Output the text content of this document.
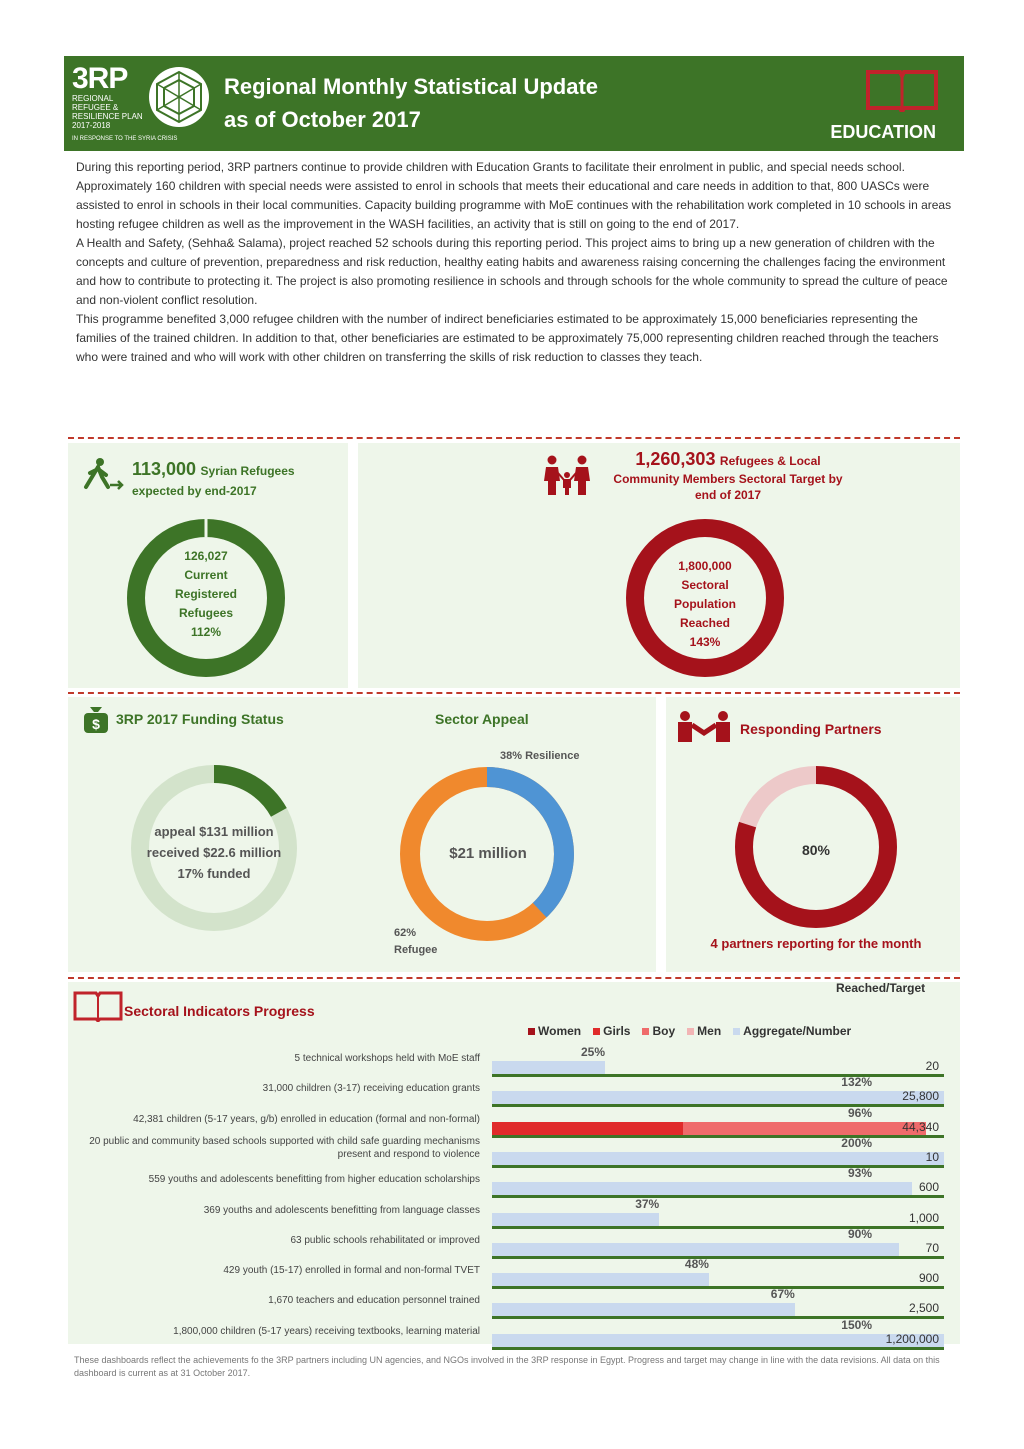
3RP
REGIONAL REFUGEE & RESILIENCE PLAN 2017-2018
IN RESPONSE TO THE SYRIA CRISIS
Regional Monthly Statistical Update
as of October 2017	EDUCATION

During this reporting period, 3RP partners continue to provide children with Education Grants to facilitate their enrolment in public, and special needs school. Approximately 160 children with special needs were assisted to enrol in schools that meets their educational and care needs in addition to that, 800 UASCs were assisted to enrol in schools in their local communities. Capacity building programme with MoE continues with the rehabilitation work completed in 10 schools in areas hosting refugee children as well as the improvement in the WASH facilities, an activity that is still on going to the end of 2017.

A Health and Safety, (Sehha& Salama), project reached 52 schools during this reporting period. This project aims to bring up a new generation of children with the concepts and culture of prevention, preparedness and risk reduction, healthy eating habits and awareness raising concerning the challenges facing the environment and how to contribute to protecting it. The project is also promoting resilience in schools and through schools for the whole community to spread the culture of peace and non-violent conflict resolution.

This programme benefited 3,000 refugee children with the number of indirect beneficiaries estimated to be approximately 15,000 beneficiaries representing the families of the trained children. In addition to that, other beneficiaries are estimated to be approximately 75,000 representing children reached through the teachers who were trained and who will work with other children on transferring the skills of risk reduction to classes they teach.

113,000 Syrian Refugees
expected by end-2017
126,027
Current
Registered
Refugees
112%
1,260,303 Refugees & Local
Community Members Sectoral Target by
end of 2017
1,800,000
Sectoral
Population
Reached
143%
$ 3RP 2017 Funding Status
appeal $131 million
received $22.6 million
17% funded
Sector Appeal
38% Resilience
$21 million
62%
Refugee
Responding Partners
80%
4 partners reporting for the month
Sectoral Indicators Progress
Reached/Target
Women	Girls	Boy	Men	Aggregate/Number
5 technical workshops held with MoE staff	25%
20
31,000 children (3-17) receiving education grants	132%
25,800
42,381 children (5-17 years, g/b) enrolled in education (formal and non-formal)	96%
44,340
20 public and community based schools supported with child safe guarding mechanisms present and respond to violence
200%
10
559 youths and adolescents benefitting from higher education scholarships	93%
600
369 youths and adolescents benefitting from language classes	37%
1,000
63 public schools rehabilitated or improved	90%
70
429 youth (15-17) enrolled in formal and non-formal TVET	48%
900
1,670 teachers and education personnel trained	67%
2,500
1,800,000 children (5-17 years) receiving textbooks, learning material	150%
1,200,000
These dashboards reflect the achievements fo the 3RP partners including UN agencies, and NGOs involved in the 3RP response in Egypt. Progress and target may change in line with the data revisions. All data on this dashboard is current as at 31 October 2017.
